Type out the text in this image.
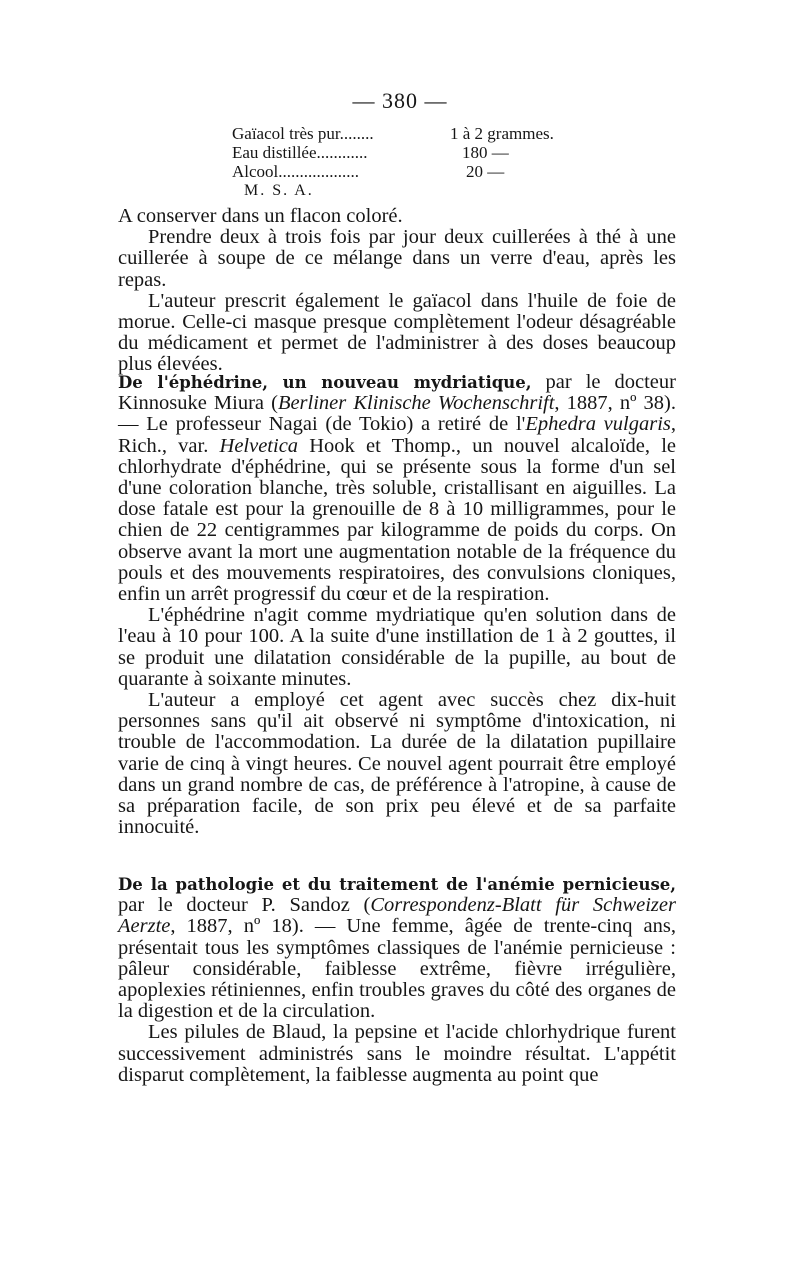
— 380 —
Gaïacol très pur........	1 à 2 grammes.
Eau distillée............	180 —
Alcool...................	20 —
M. S. A.

A conserver dans un flacon coloré.

Prendre deux à trois fois par jour deux cuillerées à thé à une cuillerée à soupe de ce mélange dans un verre d'eau, après les repas.

L'auteur prescrit également le gaïacol dans l'huile de foie de morue. Celle-ci masque presque complètement l'odeur désagréable du médicament et permet de l'administrer à des doses beaucoup plus élevées.

De l'éphédrine, un nouveau mydriatique, par le docteur Kinnosuke Miura (Berliner Klinische Wochenschrift, 1887, nº 38). — Le professeur Nagai (de Tokio) a retiré de l'Ephedra vulgaris, Rich., var. Helvetica Hook et Thomp., un nouvel alcaloïde, le chlorhydrate d'éphédrine, qui se présente sous la forme d'un sel d'une coloration blanche, très soluble, cristallisant en aiguilles. La dose fatale est pour la grenouille de 8 à 10 milligrammes, pour le chien de 22 centigrammes par kilogramme de poids du corps. On observe avant la mort une augmentation notable de la fréquence du pouls et des mouvements respiratoires, des convulsions cloniques, enfin un arrêt progressif du cœur et de la respiration.

L'éphédrine n'agit comme mydriatique qu'en solution dans de l'eau à 10 pour 100. A la suite d'une instillation de 1 à 2 gouttes, il se produit une dilatation considérable de la pupille, au bout de quarante à soixante minutes.

L'auteur a employé cet agent avec succès chez dix-huit personnes sans qu'il ait observé ni symptôme d'intoxication, ni trouble de l'accommodation. La durée de la dilatation pupillaire varie de cinq à vingt heures. Ce nouvel agent pourrait être employé dans un grand nombre de cas, de préférence à l'atropine, à cause de sa préparation facile, de son prix peu élevé et de sa parfaite innocuité.

De la pathologie et du traitement de l'anémie pernicieuse, par le docteur P. Sandoz (Correspondenz-Blatt für Schweizer Aerzte, 1887, nº 18). — Une femme, âgée de trente-cinq ans, présentait tous les symptômes classiques de l'anémie pernicieuse : pâleur considérable, faiblesse extrême, fièvre irrégulière, apoplexies rétiniennes, enfin troubles graves du côté des organes de la digestion et de la circulation.

Les pilules de Blaud, la pepsine et l'acide chlorhydrique furent successivement administrés sans le moindre résultat. L'appétit disparut complètement, la faiblesse augmenta au point que
